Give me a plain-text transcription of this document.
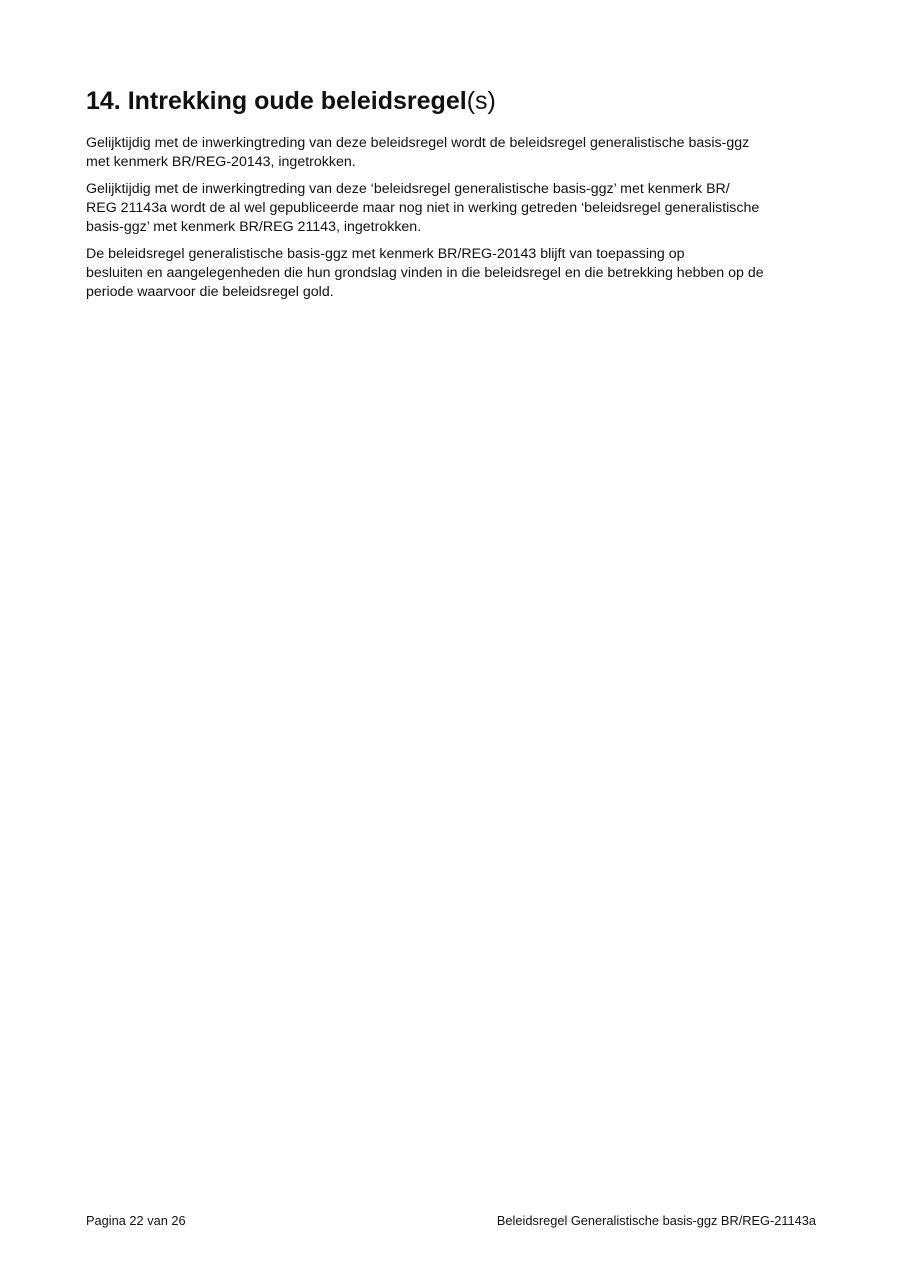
14. Intrekking oude beleidsregel(s)

Gelijktijdig met de inwerkingtreding van deze beleidsregel wordt de beleidsregel generalistische basis-ggz
met kenmerk BR/REG-20143, ingetrokken.

Gelijktijdig met de inwerkingtreding van deze ‘beleidsregel generalistische basis-ggz’ met kenmerk BR/
REG 21143a wordt de al wel gepubliceerde maar nog niet in werking getreden ‘beleidsregel generalistische
basis-ggz’ met kenmerk BR/REG 21143, ingetrokken.

De beleidsregel generalistische basis-ggz met kenmerk BR/REG-20143 blijft van toepassing op
besluiten en aangelegenheden die hun grondslag vinden in die beleidsregel en die betrekking hebben op de
periode waarvoor die beleidsregel gold.

Pagina 22 van 26	Beleidsregel Generalistische basis-ggz BR/REG-21143a
